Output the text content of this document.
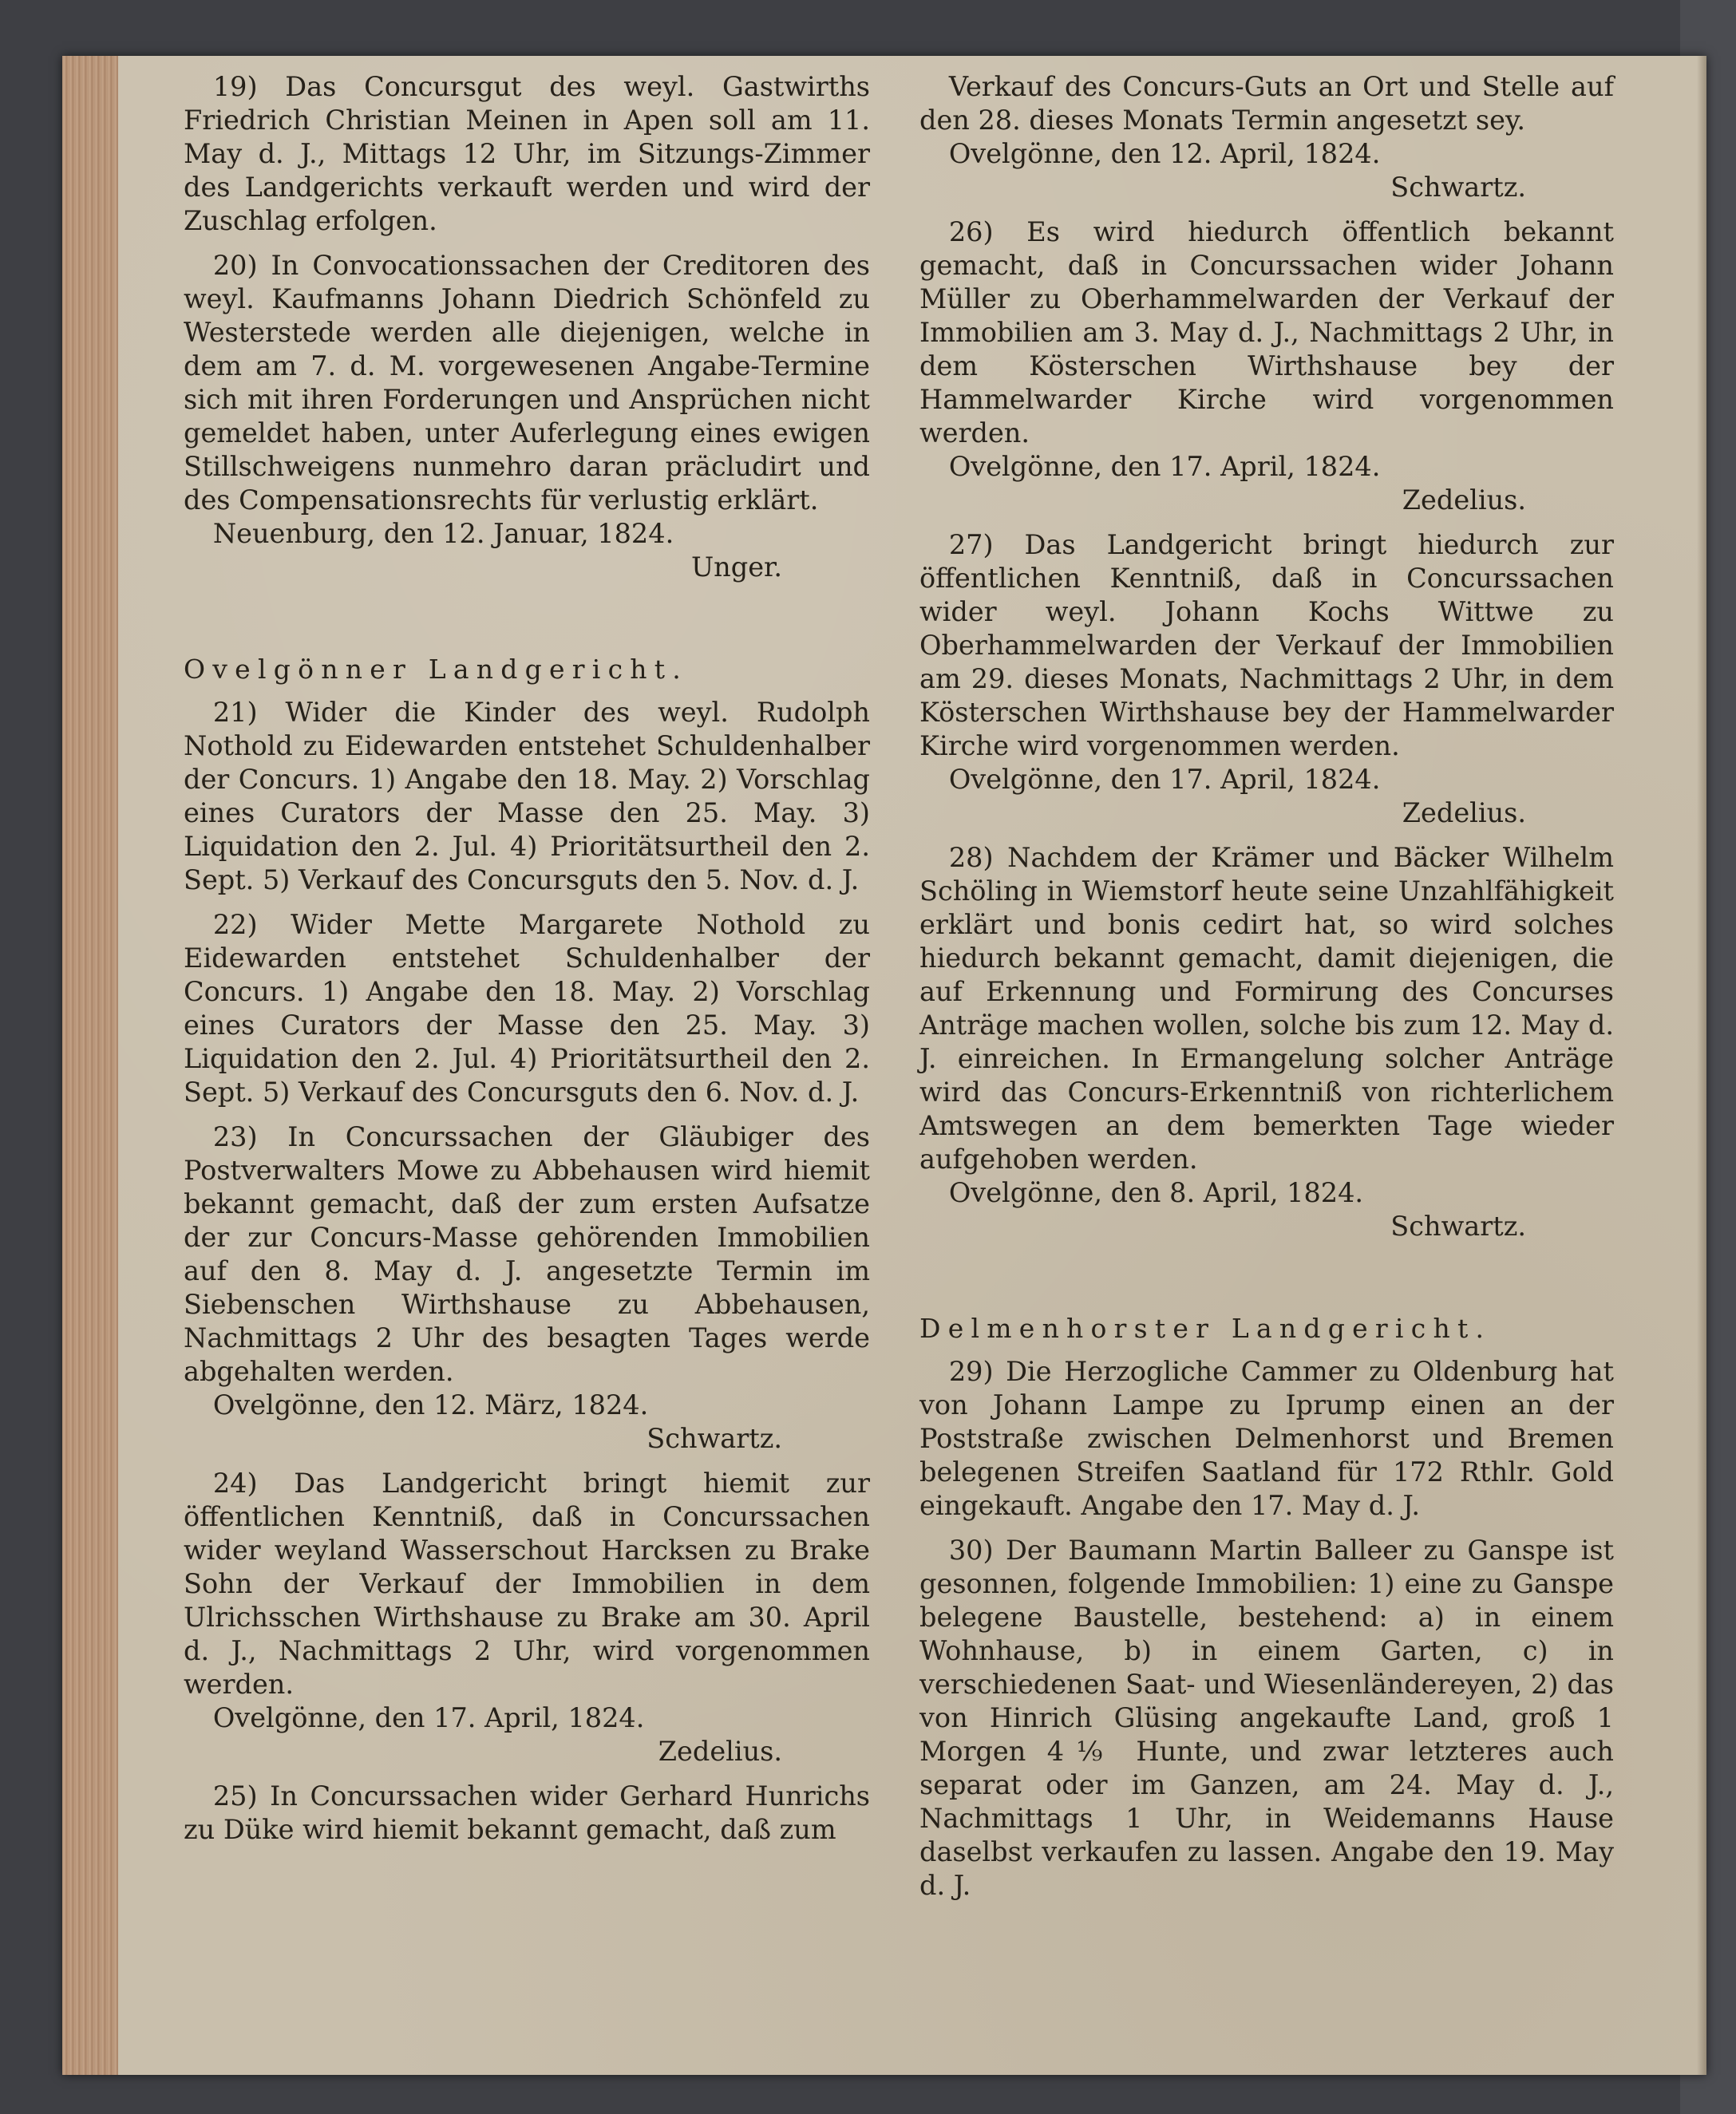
19) Das Concursgut des weyl. Gastwirths Friedrich Christian Meinen in Apen soll am 11. May d. J., Mittags 12 Uhr, im Sitzungs-Zimmer des Landgerichts verkauft werden und wird der Zuschlag erfolgen.

20) In Convocationssachen der Creditoren des weyl. Kaufmanns Johann Diedrich Schönfeld zu Westerstede werden alle diejenigen, welche in dem am 7. d. M. vorgewesenen Angabe-Termine sich mit ihren Forderungen und Ansprüchen nicht gemeldet haben, unter Auferlegung eines ewigen Stillschweigens nunmehro daran präcludirt und des Compensationsrechts für verlustig erklärt.

Neuenburg, den 12. Januar, 1824.
Unger.
Ovelgönner Landgericht.

21) Wider die Kinder des weyl. Rudolph Nothold zu Eidewarden entstehet Schuldenhalber der Concurs. 1) Angabe den 18. May. 2) Vorschlag eines Curators der Masse den 25. May. 3) Liquidation den 2. Jul. 4) Prioritätsurtheil den 2. Sept. 5) Verkauf des Concursguts den 5. Nov. d. J.

22) Wider Mette Margarete Nothold zu Eidewarden entstehet Schuldenhalber der Concurs. 1) Angabe den 18. May. 2) Vorschlag eines Curators der Masse den 25. May. 3) Liquidation den 2. Jul. 4) Prioritätsurtheil den 2. Sept. 5) Verkauf des Concursguts den 6. Nov. d. J.

23) In Concurssachen der Gläubiger des Postverwalters Mowe zu Abbehausen wird hiemit bekannt gemacht, daß der zum ersten Aufsatze der zur Concurs-Masse gehörenden Immobilien auf den 8. May d. J. angesetzte Termin im Siebenschen Wirthshause zu Abbehausen, Nachmittags 2 Uhr des besagten Tages werde abgehalten werden.

Ovelgönne, den 12. März, 1824.
Schwartz.

24) Das Landgericht bringt hiemit zur öffentlichen Kenntniß, daß in Concurssachen wider weyland Wasserschout Harcksen zu Brake Sohn der Verkauf der Immobilien in dem Ulrichsschen Wirthshause zu Brake am 30. April d. J., Nachmittags 2 Uhr, wird vorgenommen werden.

Ovelgönne, den 17. April, 1824.
Zedelius.

25) In Concurssachen wider Gerhard Hunrichs zu Düke wird hiemit bekannt gemacht, daß zum

Verkauf des Concurs-Guts an Ort und Stelle auf den 28. dieses Monats Termin angesetzt sey.

Ovelgönne, den 12. April, 1824.
Schwartz.

26) Es wird hiedurch öffentlich bekannt gemacht, daß in Concurssachen wider Johann Müller zu Oberhammelwarden der Verkauf der Immobilien am 3. May d. J., Nachmittags 2 Uhr, in dem Kösterschen Wirthshause bey der Hammelwarder Kirche wird vorgenommen werden.

Ovelgönne, den 17. April, 1824.
Zedelius.

27) Das Landgericht bringt hiedurch zur öffentlichen Kenntniß, daß in Concurssachen wider weyl. Johann Kochs Wittwe zu Oberhammelwarden der Verkauf der Immobilien am 29. dieses Monats, Nachmittags 2 Uhr, in dem Kösterschen Wirthshause bey der Hammelwarder Kirche wird vorgenommen werden.

Ovelgönne, den 17. April, 1824.
Zedelius.

28) Nachdem der Krämer und Bäcker Wilhelm Schöling in Wiemstorf heute seine Unzahlfähigkeit erklärt und bonis cedirt hat, so wird solches hiedurch bekannt gemacht, damit diejenigen, die auf Erkennung und Formirung des Concurses Anträge machen wollen, solche bis zum 12. May d. J. einreichen. In Ermangelung solcher Anträge wird das Concurs-Erkenntniß von richterlichem Amtswegen an dem bemerkten Tage wieder aufgehoben werden.

Ovelgönne, den 8. April, 1824.
Schwartz.
Delmenhorster Landgericht.

29) Die Herzogliche Cammer zu Oldenburg hat von Johann Lampe zu Iprump einen an der Poststraße zwischen Delmenhorst und Bremen belegenen Streifen Saatland für 172 Rthlr. Gold eingekauft. Angabe den 17. May d. J.

30) Der Baumann Martin Balleer zu Ganspe ist gesonnen, folgende Immobilien: 1) eine zu Ganspe belegene Baustelle, bestehend: a) in einem Wohnhause, b) in einem Garten, c) in verschiedenen Saat- und Wiesenländereyen, 2) das von Hinrich Glüsing angekaufte Land, groß 1 Morgen 4⅑ Hunte, und zwar letzteres auch separat oder im Ganzen, am 24. May d. J., Nachmittags 1 Uhr, in Weidemanns Hause daselbst verkaufen zu lassen. Angabe den 19. May d. J.
